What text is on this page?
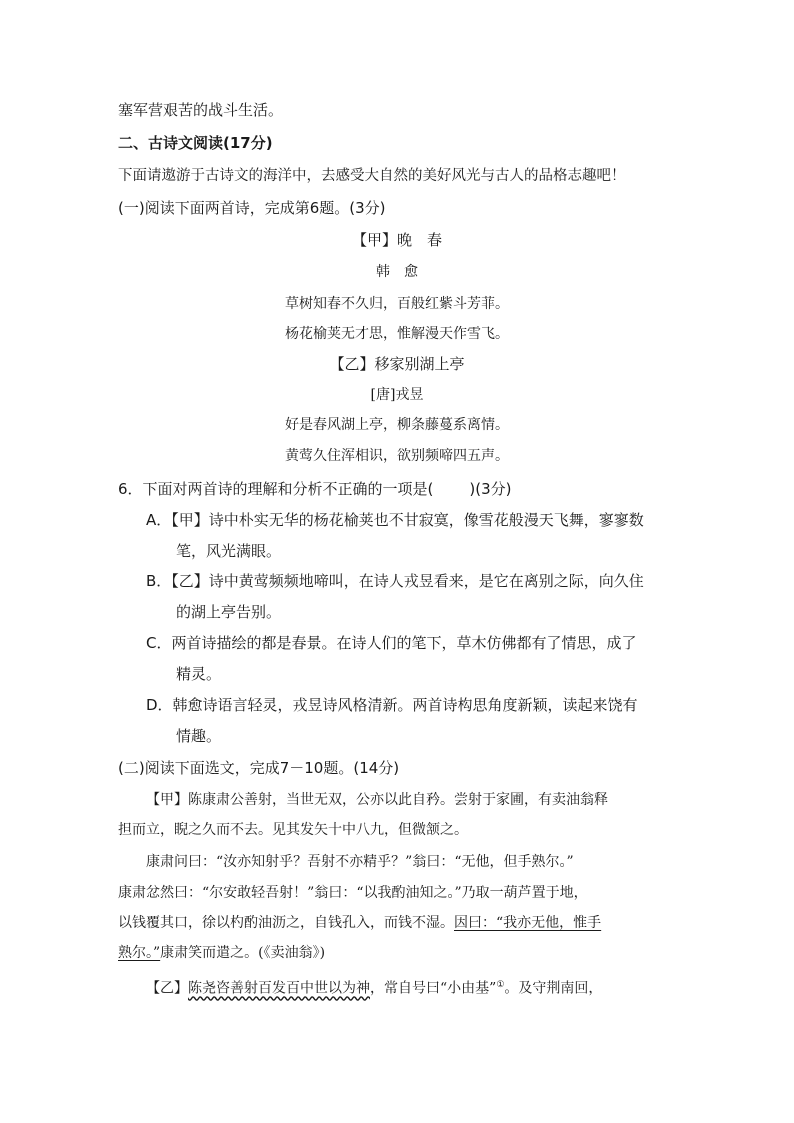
塞军营艰苦的战斗生活。
二、古诗文阅读(17分)
下面请遨游于古诗文的海洋中，去感受大自然的美好风光与古人的品格志趣吧！
(一)阅读下面两首诗，完成第6题。(3分)
【甲】晚　春
韩　愈
草树知春不久归，百般红紫斗芳菲。
杨花榆荚无才思，惟解漫天作雪飞。
【乙】移家别湖上亭
[唐]戎昱
好是春风湖上亭，柳条藤蔓系离情。
黄莺久住浑相识，欲别频啼四五声。
6．下面对两首诗的理解和分析不正确的一项是( )(3分)
A．【甲】诗中朴实无华的杨花榆荚也不甘寂寞，像雪花般漫天飞舞，寥寥数
笔，风光满眼。
B．【乙】诗中黄莺频频地啼叫，在诗人戎昱看来，是它在离别之际，向久住
的湖上亭告别。
C．两首诗描绘的都是春景。在诗人们的笔下，草木仿佛都有了情思，成了
精灵。
D．韩愈诗语言轻灵，戎昱诗风格清新。两首诗构思角度新颖，读起来饶有
情趣。
(二)阅读下面选文，完成7－10题。(14分)
【甲】陈康肃公善射，当世无双，公亦以此自矜。尝射于家圃，有卖油翁释
担而立，睨之久而不去。见其发矢十中八九，但微颔之。
康肃问曰：“汝亦知射乎？吾射不亦精乎？”翁曰：“无他，但手熟尔。”
康肃忿然曰：“尔安敢轻吾射！”翁曰：“以我酌油知之。”乃取一葫芦置于地，
以钱覆其口，徐以杓酌油沥之，自钱孔入，而钱不湿。因曰：“我亦无他，惟手
熟尔。”康肃笑而遣之。(《卖油翁》)
【乙】陈尧咨善射百发百中世以为神，常自号曰“小由基”①。及守荆南回，
